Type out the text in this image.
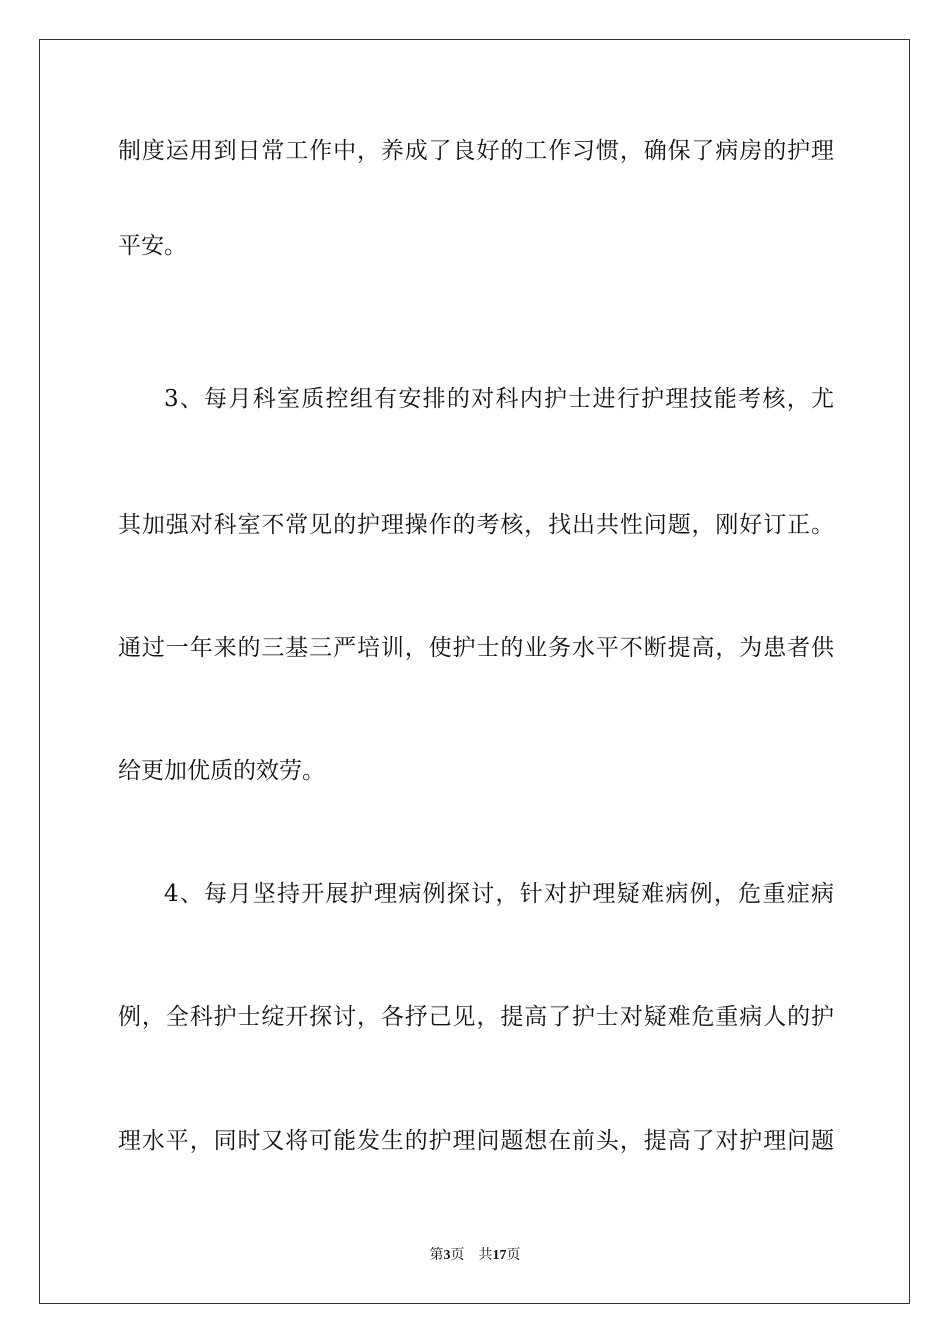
制度运用到日常工作中，养成了良好的工作习惯，确保了病房的护理
平安。
3、每月科室质控组有安排的对科内护士进行护理技能考核，尤
其加强对科室不常见的护理操作的考核，找出共性问题，刚好订正。
通过一年来的三基三严培训，使护士的业务水平不断提高，为患者供
给更加优质的效劳。
4、每月坚持开展护理病例探讨，针对护理疑难病例，危重症病
例，全科护士绽开探讨，各抒己见，提高了护士对疑难危重病人的护
理水平，同时又将可能发生的护理问题想在前头，提高了对护理问题
第3页 共17页
